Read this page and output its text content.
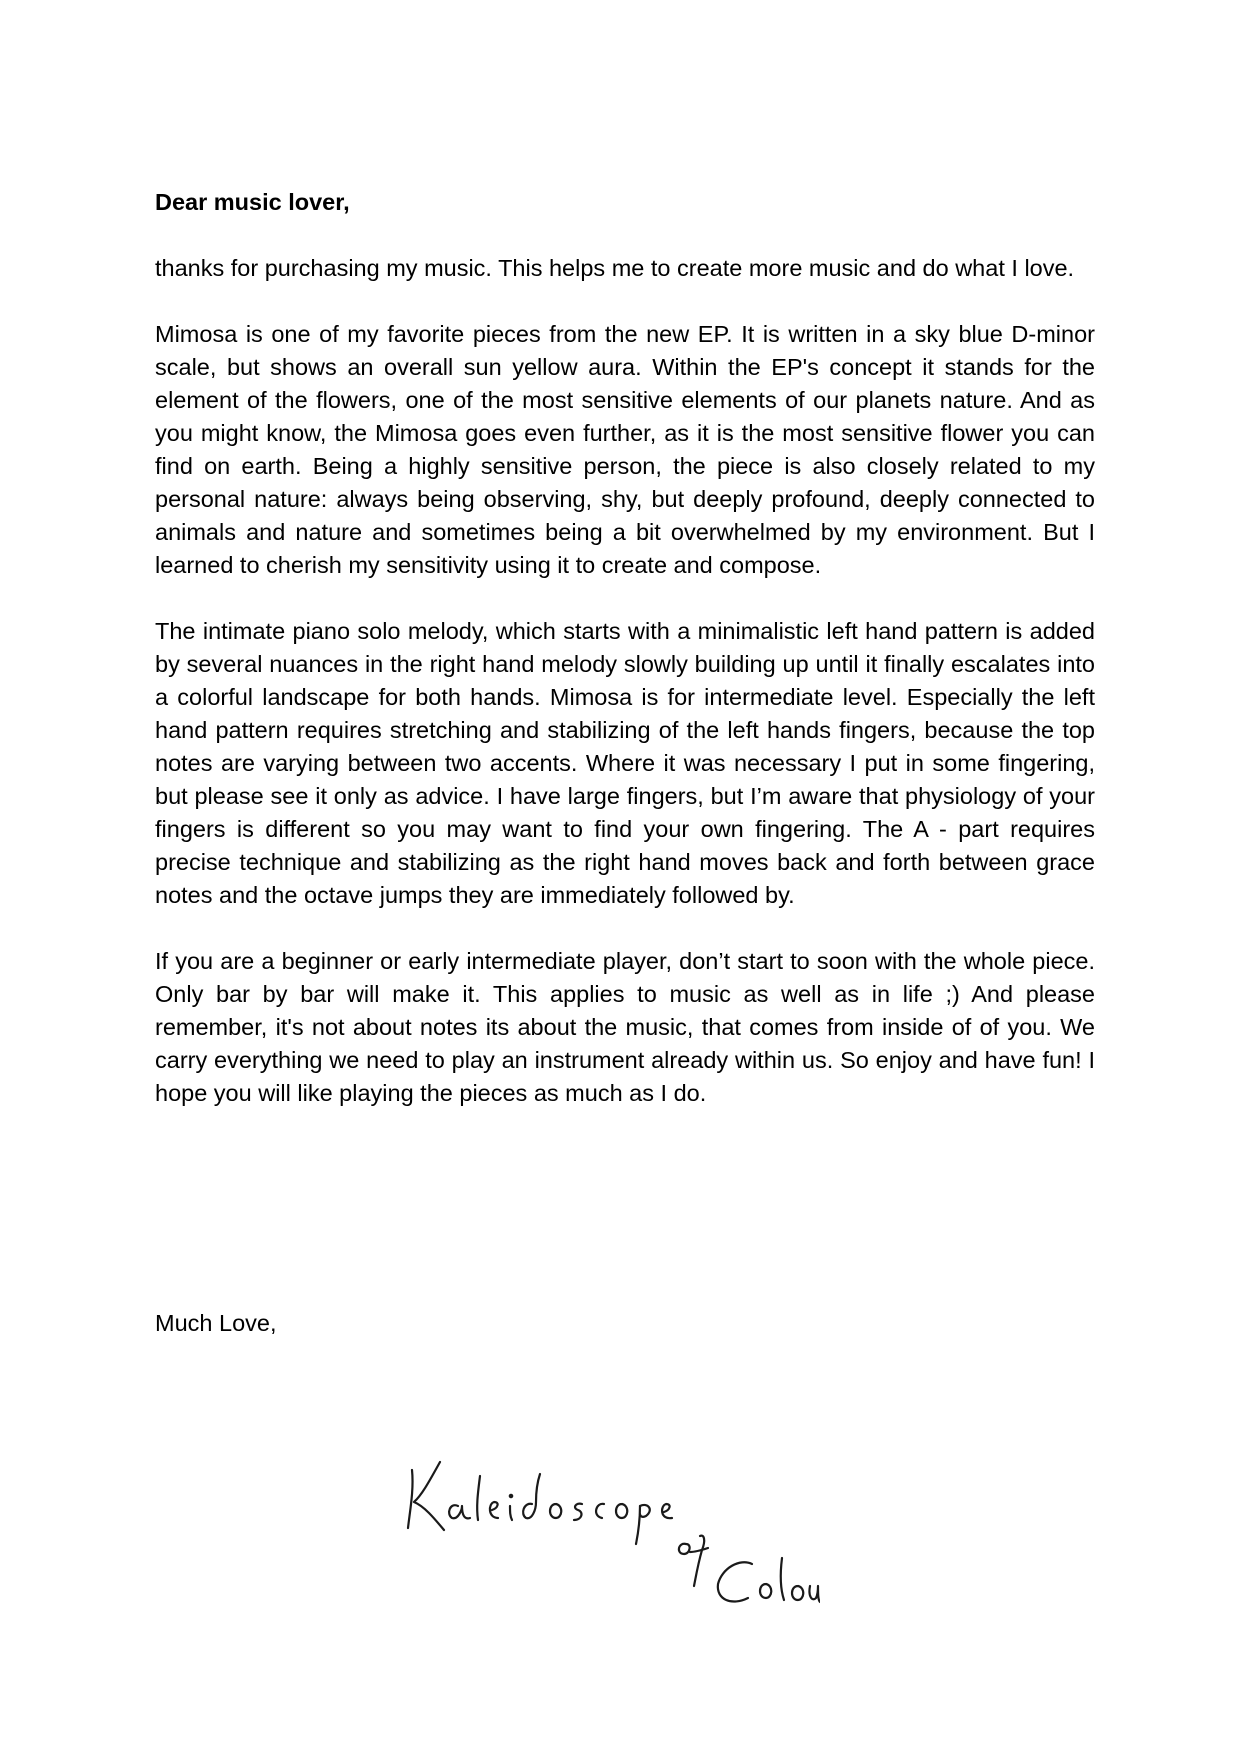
Dear music lover,

thanks for purchasing my music. This helps me to create more music and do what I love.

Mimosa is one of my favorite pieces from the new EP. It is written in a sky blue D-minor scale, but shows an overall sun yellow aura. Within the EP's concept it stands for the element of the flowers, one of the most sensitive elements of our planets nature. And as you might know, the Mimosa goes even further, as it is the most sensitive flower you can find on earth. Being a highly sensitive person, the piece is also closely related to my personal nature: always being observing, shy, but deeply profound, deeply connected to animals and nature and sometimes being a bit overwhelmed by my environment. But I learned to cherish my sensitivity using it to create and compose.

The intimate piano solo melody, which starts with a minimalistic left hand pattern is added by several nuances in the right hand melody slowly building up until it finally escalates into a colorful landscape for both hands. Mimosa is for intermediate level. Especially the left hand pattern requires stretching and stabilizing of the left hands fingers, because the top notes are varying between two accents. Where it was necessary I put in some fingering, but please see it only as advice. I have large fingers, but I’m aware that physiology of your fingers is different so you may want to find your own fingering. The A - part requires precise technique and stabilizing as the right hand moves back and forth between grace notes and the octave jumps they are immediately followed by.

If you are a beginner or early intermediate player, don’t start to soon with the whole piece. Only bar by bar will make it. This applies to music as well as in life ;) And please remember, it's not about notes its about the music, that comes from inside of of you. We carry everything we need to play an instrument already within us. So enjoy and have fun! I hope you will like playing the pieces as much as I do.

Much Love,
